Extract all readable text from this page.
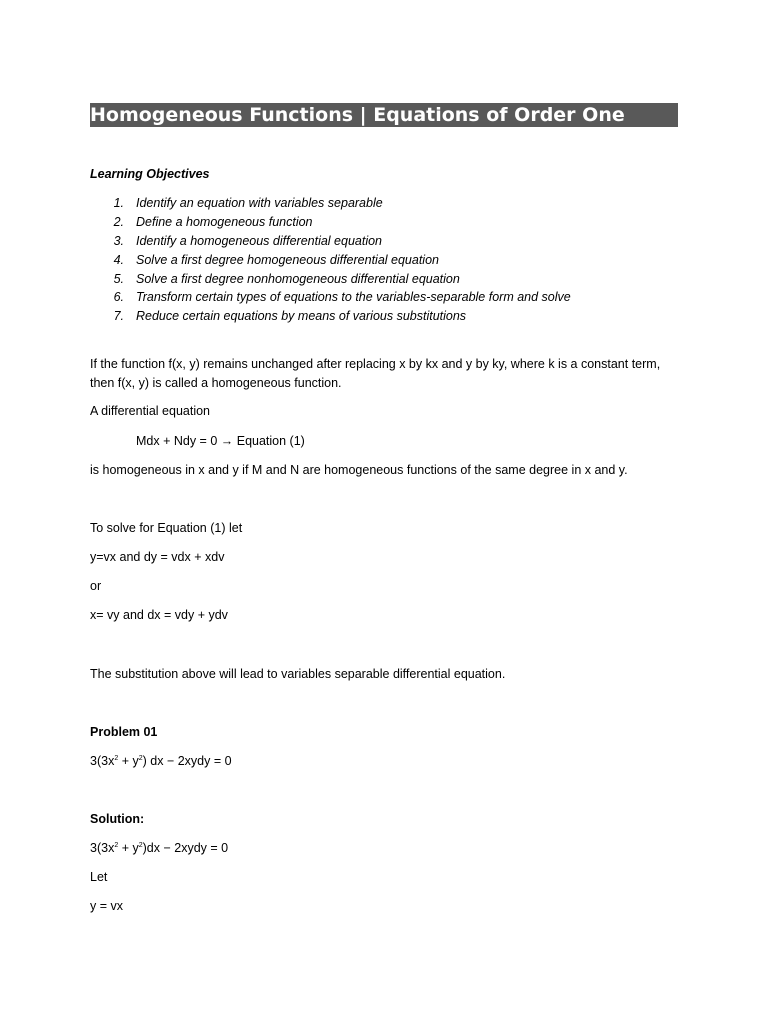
Homogeneous Functions | Equations of Order One
Learning Objectives
1. Identify an equation with variables separable
2. Define a homogeneous function
3. Identify a homogeneous differential equation
4. Solve a first degree homogeneous differential equation
5. Solve a first degree nonhomogeneous differential equation
6. Transform certain types of equations to the variables-separable form and solve
7. Reduce certain equations by means of various substitutions
If the function f(x, y) remains unchanged after replacing x by kx and y by ky, where k is a constant term, then f(x, y) is called a homogeneous function.
A differential equation
Mdx + Ndy = 0 → Equation (1)
is homogeneous in x and y if M and N are homogeneous functions of the same degree in x and y.
To solve for Equation (1) let
y=vx and dy = vdx + xdv
or
x= vy and dx = vdy + ydv
The substitution above will lead to variables separable differential equation.
Problem 01
$3(3x^2 + y^2)$ dx − 2xydy = 0
Solution:
$3(3x^2 + y^2)dx$ − 2xydy = 0
Let
y = vx
